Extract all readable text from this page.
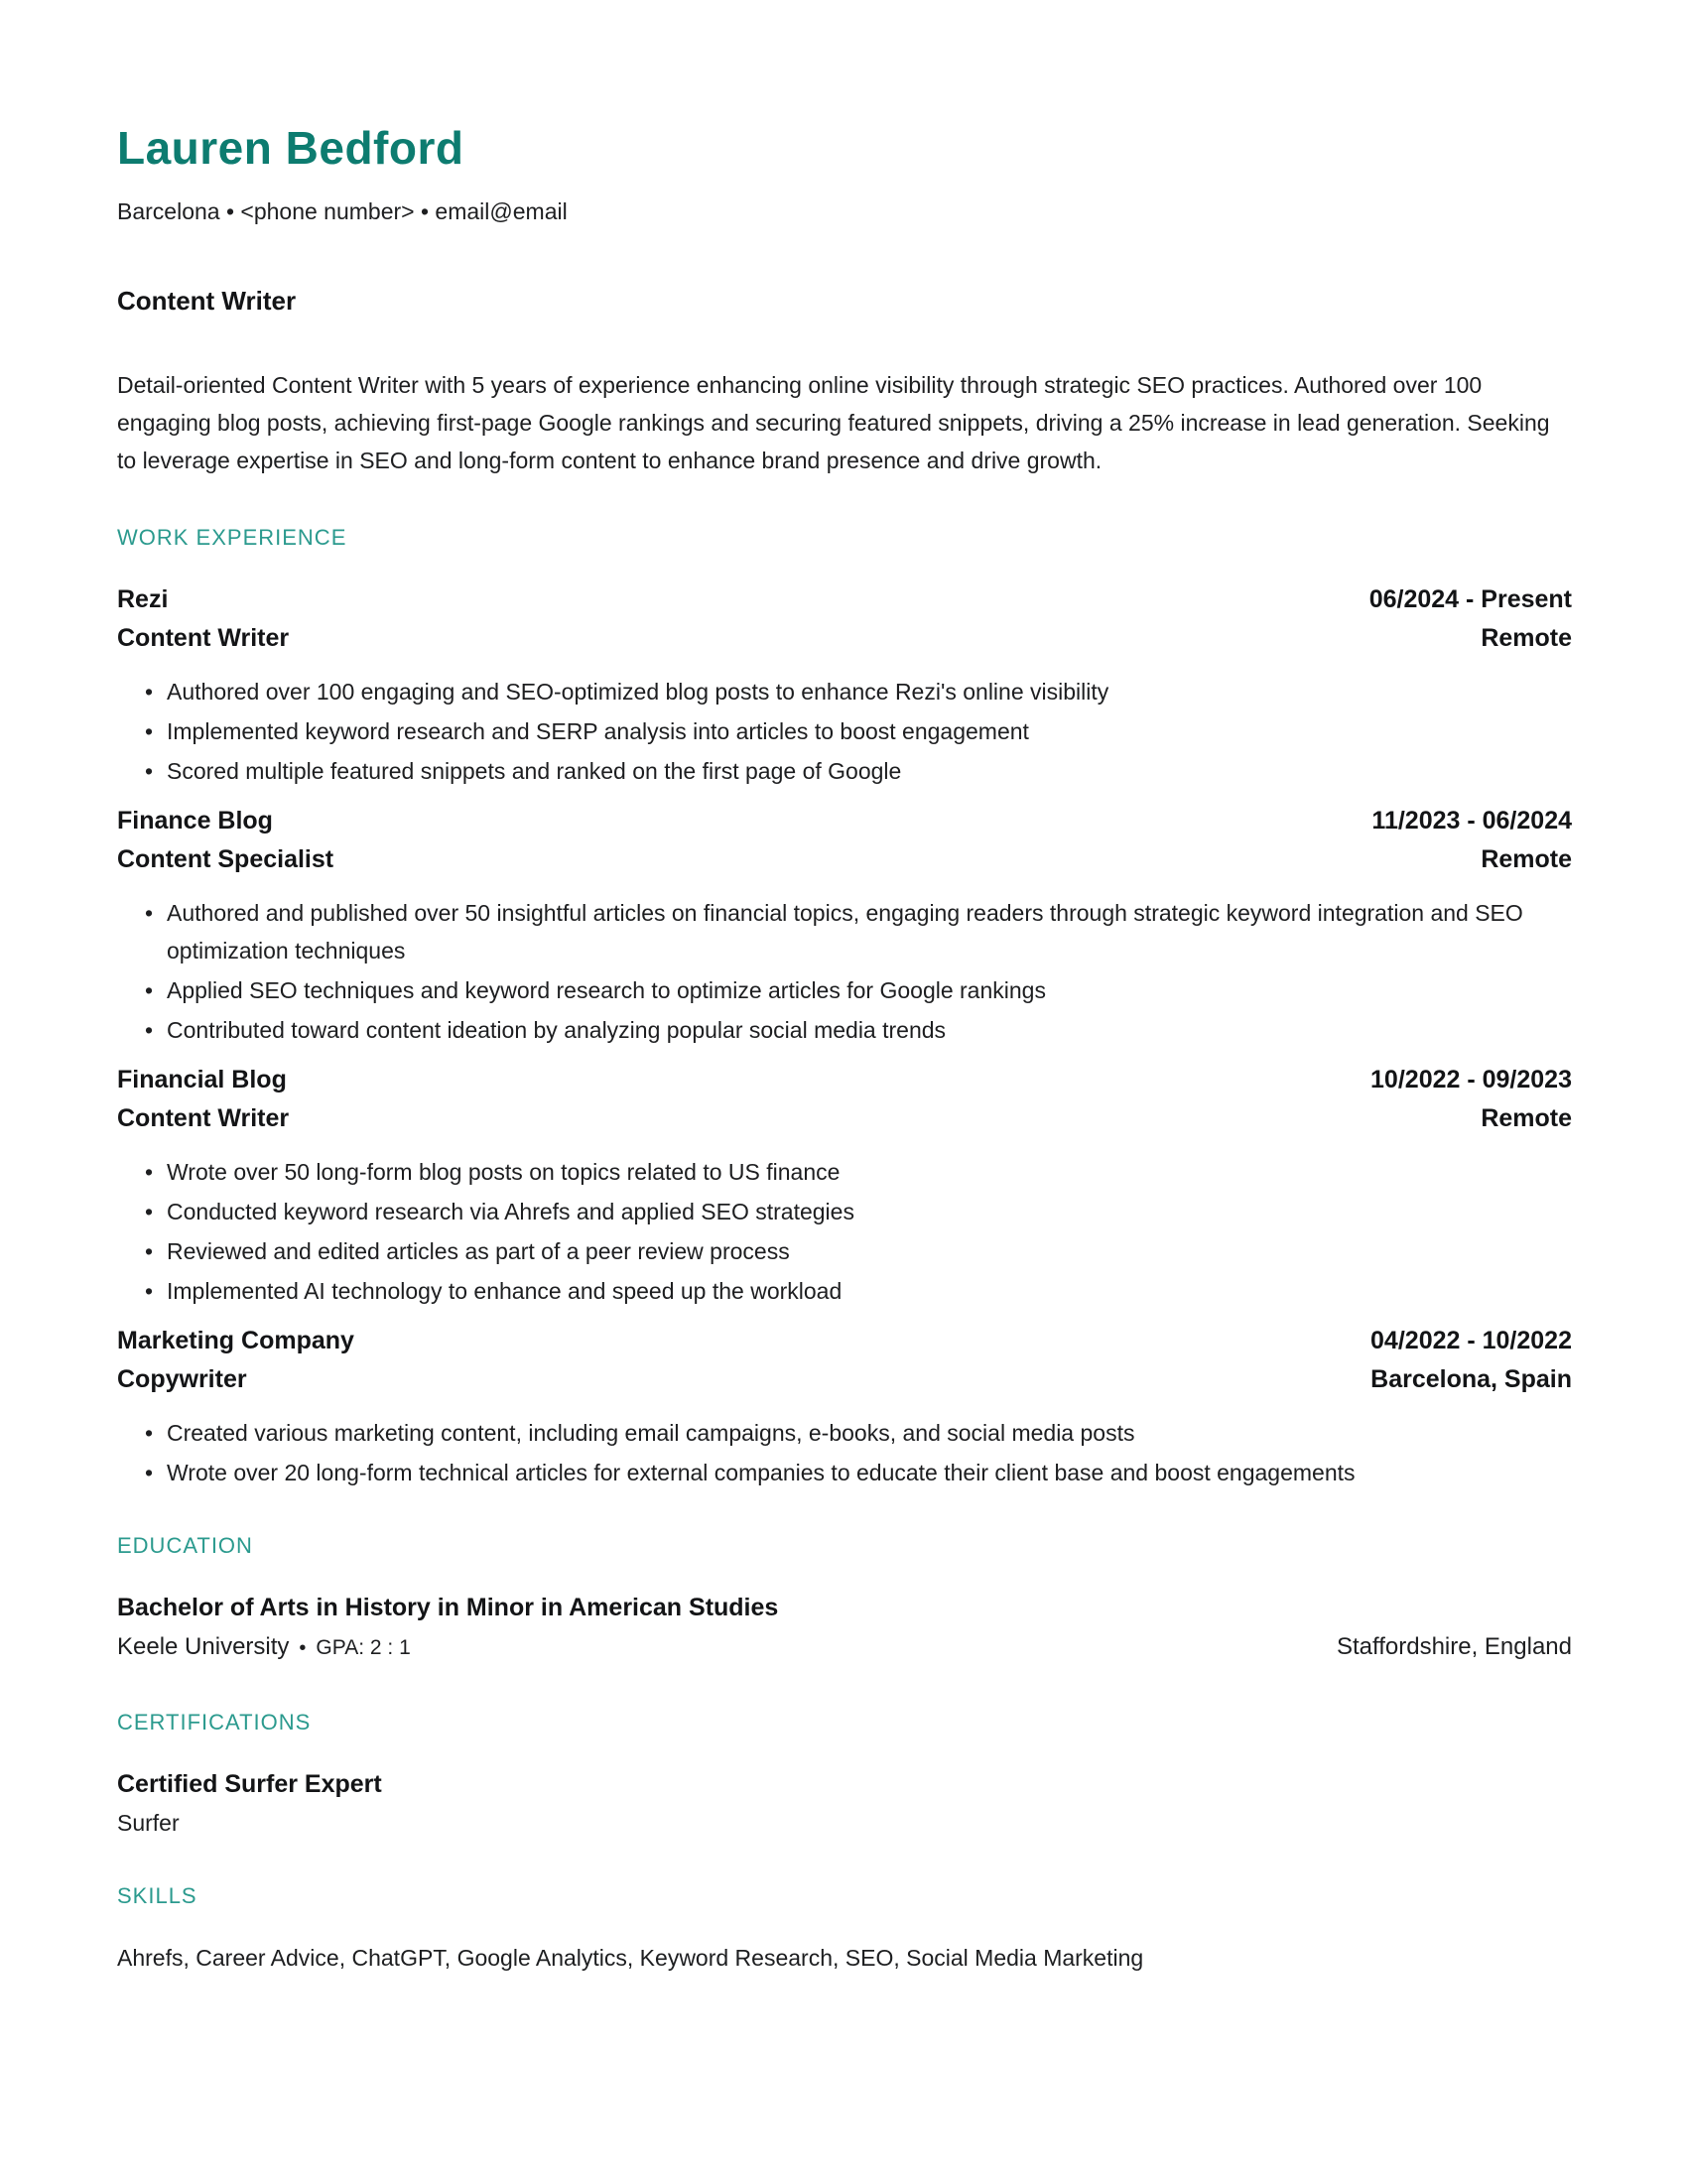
Lauren Bedford

Barcelona • <phone number> • email@email

Content Writer

Detail-oriented Content Writer with 5 years of experience enhancing online visibility through strategic SEO practices. Authored over 100 engaging blog posts, achieving first-page Google rankings and securing featured snippets, driving a 25% increase in lead generation. Seeking to leverage expertise in SEO and long-form content to enhance brand presence and drive growth.

WORK EXPERIENCE
Rezi	06/2024 - Present
Content Writer	Remote
• Authored over 100 engaging and SEO-optimized blog posts to enhance Rezi's online visibility
• Implemented keyword research and SERP analysis into articles to boost engagement
• Scored multiple featured snippets and ranked on the first page of Google
Finance Blog	11/2023 - 06/2024
Content Specialist	Remote
• Authored and published over 50 insightful articles on financial topics, engaging readers through strategic keyword integration and SEO optimization techniques
• Applied SEO techniques and keyword research to optimize articles for Google rankings
• Contributed toward content ideation by analyzing popular social media trends
Financial Blog	10/2022 - 09/2023
Content Writer	Remote
• Wrote over 50 long-form blog posts on topics related to US finance
• Conducted keyword research via Ahrefs and applied SEO strategies
• Reviewed and edited articles as part of a peer review process
• Implemented AI technology to enhance and speed up the workload
Marketing Company	04/2022 - 10/2022
Copywriter	Barcelona, Spain
• Created various marketing content, including email campaigns, e-books, and social media posts
• Wrote over 20 long-form technical articles for external companies to educate their client base and boost engagements
EDUCATION
Bachelor of Arts in History in Minor in American Studies
Keele University • GPA: 2 : 1	Staffordshire, England
CERTIFICATIONS

Certified Surfer Expert

Surfer

SKILLS

Ahrefs, Career Advice, ChatGPT, Google Analytics, Keyword Research, SEO, Social Media Marketing
